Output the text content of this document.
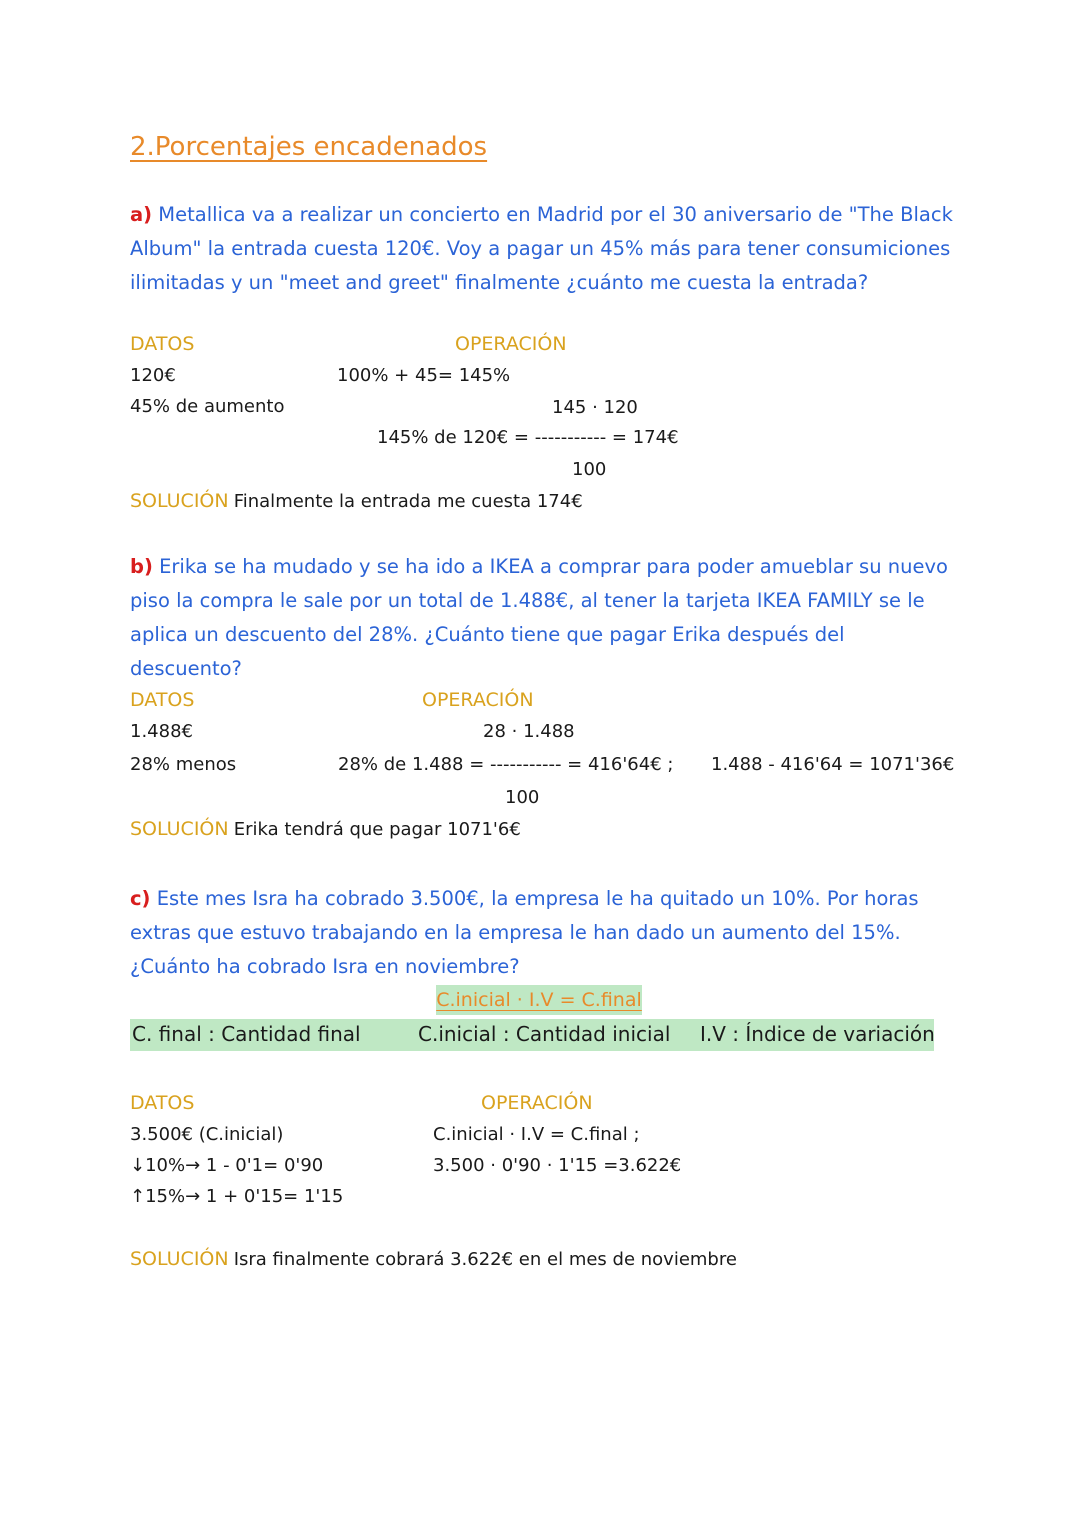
2.Porcentajes encadenados
a) Metallica va a realizar un concierto en Madrid por el 30 aniversario de "The Black Album" la entrada cuesta 120€. Voy a pagar un 45% más para tener consumiciones ilimitadas y un "meet and greet" finalmente ¿cuánto me cuesta la entrada?
DATOS	OPERACIÓN
120€	100% + 45= 145%
45% de aumento	145 · 120
145% de 120€ = ----------- = 174€
100
SOLUCIÓN Finalmente la entrada me cuesta 174€
b) Erika se ha mudado y se ha ido a IKEA a comprar para poder amueblar su nuevo piso la compra le sale por un total de 1.488€, al tener la tarjeta IKEA FAMILY se le aplica un descuento del 28%. ¿Cuánto tiene que pagar Erika después del descuento?
DATOS	OPERACIÓN
1.488€	28 · 1.488
28% menos	28% de 1.488 = ----------- = 416'64€ ; 1.488 - 416'64 = 1071'36€
100
SOLUCIÓN Erika tendrá que pagar 1071'6€
c) Este mes Isra ha cobrado 3.500€, la empresa le ha quitado un 10%. Por horas extras que estuvo trabajando en la empresa le han dado un aumento del 15%. ¿Cuánto ha cobrado Isra en noviembre?
C.inicial · I.V = C.final
C. final : Cantidad final	C.inicial : Cantidad inicial I.V : Índice de variación
DATOS	OPERACIÓN
3.500€ (C.inicial)	C.inicial · I.V = C.final ;
↓10%→ 1 - 0'1= 0'90	3.500 · 0'90 · 1'15 =3.622€
↑15%→ 1 + 0'15= 1'15
SOLUCIÓN Isra finalmente cobrará 3.622€ en el mes de noviembre
